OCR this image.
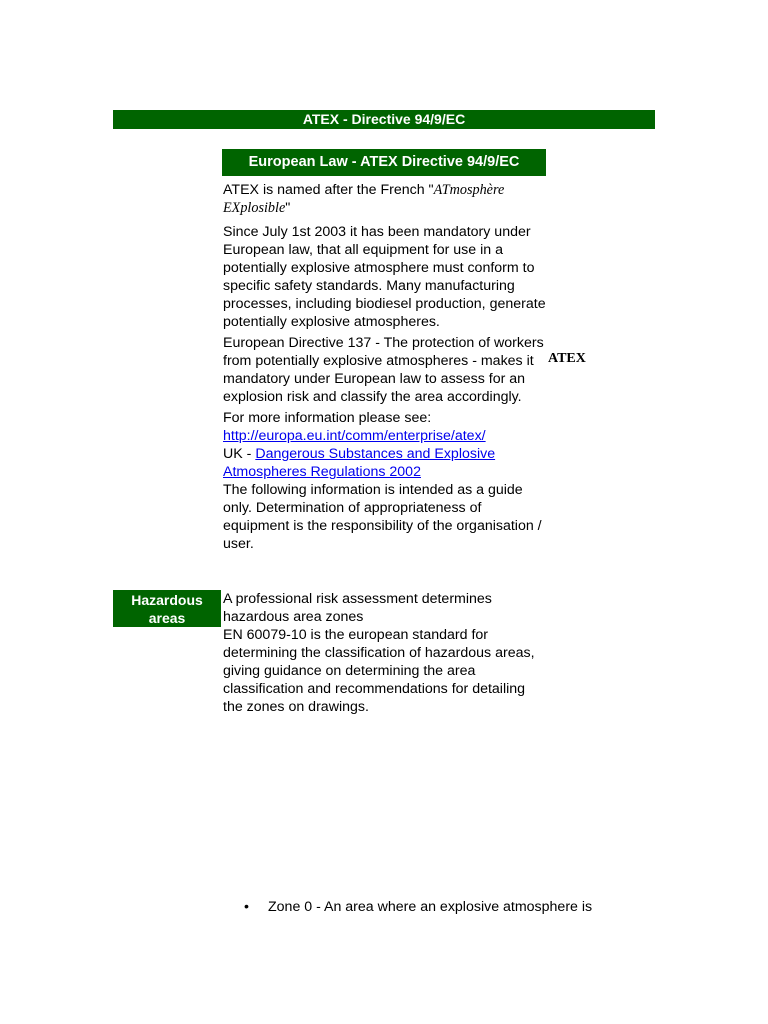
ATEX - Directive 94/9/EC
European Law - ATEX Directive 94/9/EC

ATEX is named after the French "ATmosphère EXplosible"

Since July 1st 2003 it has been mandatory under European law, that all equipment for use in a potentially explosive atmosphere must conform to specific safety standards. Many manufacturing processes, including biodiesel production, generate potentially explosive atmospheres.

European Directive 137 - The protection of workers from potentially explosive atmospheres - makes it mandatory under European law to assess for an explosion risk and classify the area accordingly.

For more information please see:

http://europa.eu.int/comm/enterprise/atex/

UK - Dangerous Substances and Explosive Atmospheres Regulations 2002

The following information is intended as a guide only. Determination of appropriateness of equipment is the responsibility of the organisation / user.

ATEX
Hazardous areas

A professional risk assessment determines hazardous area zones

EN 60079-10 is the european standard for determining the classification of hazardous areas, giving guidance on determining the area classification and recommendations for detailing the zones on drawings.

• Zone 0 - An area where an explosive atmosphere is
